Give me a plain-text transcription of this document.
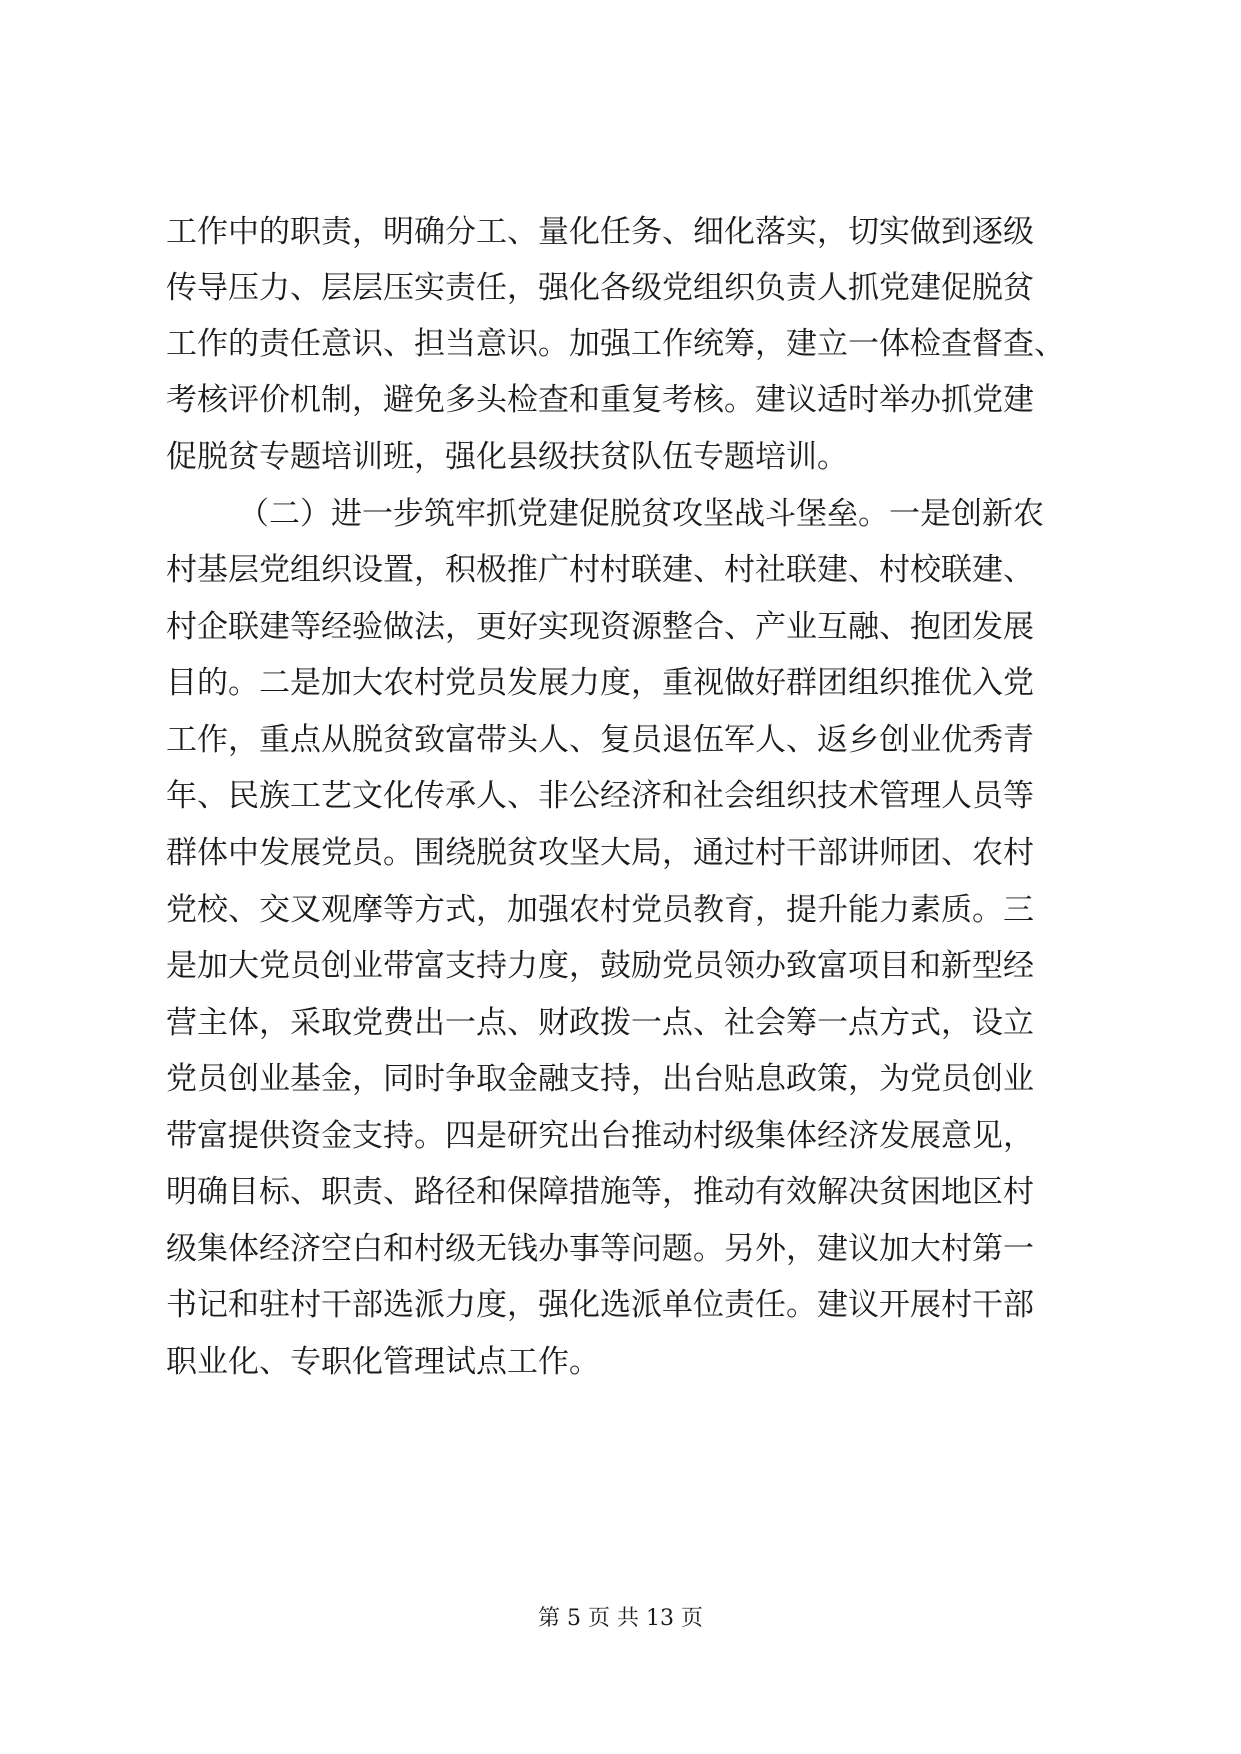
工作中的职责，明确分工、量化任务、细化落实，切实做到逐级
传导压力、层层压实责任，强化各级党组织负责人抓党建促脱贫
工作的责任意识、担当意识。加强工作统筹，建立一体检查督查、
考核评价机制，避免多头检查和重复考核。建议适时举办抓党建
促脱贫专题培训班，强化县级扶贫队伍专题培训。
（二）进一步筑牢抓党建促脱贫攻坚战斗堡垒。一是创新农
村基层党组织设置，积极推广村村联建、村社联建、村校联建、
村企联建等经验做法，更好实现资源整合、产业互融、抱团发展
目的。二是加大农村党员发展力度，重视做好群团组织推优入党
工作，重点从脱贫致富带头人、复员退伍军人、返乡创业优秀青
年、民族工艺文化传承人、非公经济和社会组织技术管理人员等
群体中发展党员。围绕脱贫攻坚大局，通过村干部讲师团、农村
党校、交叉观摩等方式，加强农村党员教育，提升能力素质。三
是加大党员创业带富支持力度，鼓励党员领办致富项目和新型经
营主体，采取党费出一点、财政拨一点、社会筹一点方式，设立
党员创业基金，同时争取金融支持，出台贴息政策，为党员创业
带富提供资金支持。四是研究出台推动村级集体经济发展意见，
明确目标、职责、路径和保障措施等，推动有效解决贫困地区村
级集体经济空白和村级无钱办事等问题。另外，建议加大村第一
书记和驻村干部选派力度，强化选派单位责任。建议开展村干部
职业化、专职化管理试点工作。
第 5 页 共 13 页
